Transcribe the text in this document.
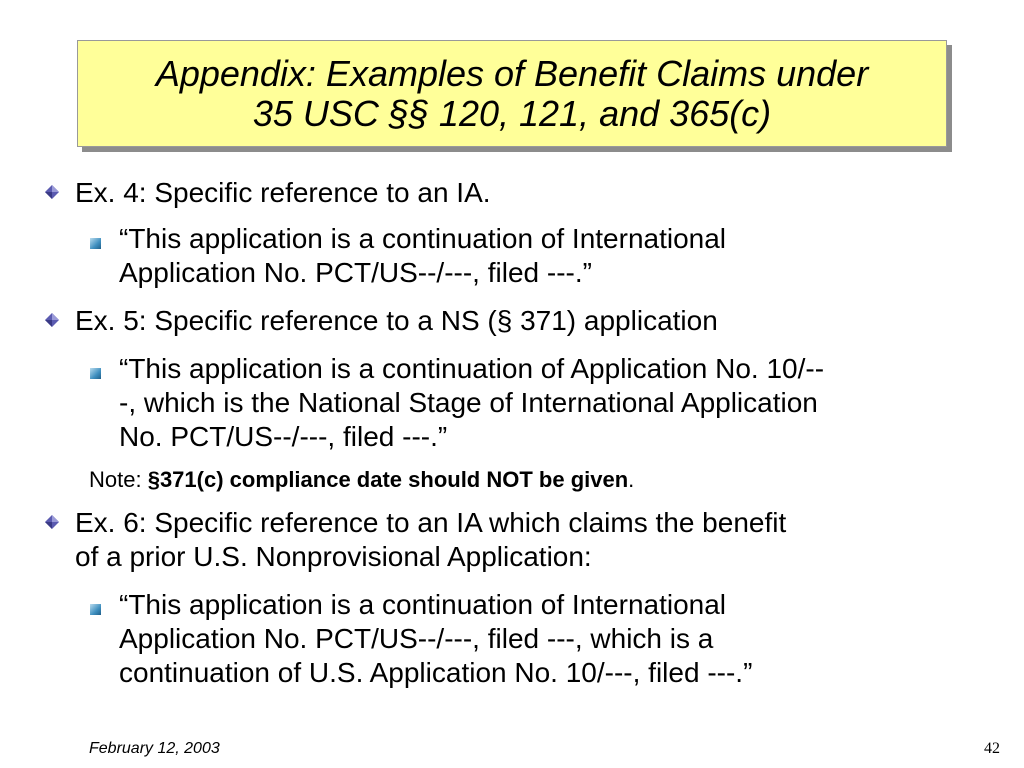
Appendix: Examples of Benefit Claims under
35 USC §§ 120, 121, and 365(c)
Ex. 4: Specific reference to an IA.
“This application is a continuation of International
Application No. PCT/US--/---, filed ---.”
Ex. 5: Specific reference to a NS (§ 371) application
“This application is a continuation of Application No. 10/--
-, which is the National Stage of International Application
No. PCT/US--/---, filed ---.”
Note: §371(c) compliance date should NOT be given.
Ex. 6: Specific reference to an IA which claims the benefit
of a prior U.S. Nonprovisional Application:
“This application is a continuation of International
Application No. PCT/US--/---, filed ---, which is a
continuation of U.S. Application No. 10/---, filed ---.”
February 12, 2003	42
